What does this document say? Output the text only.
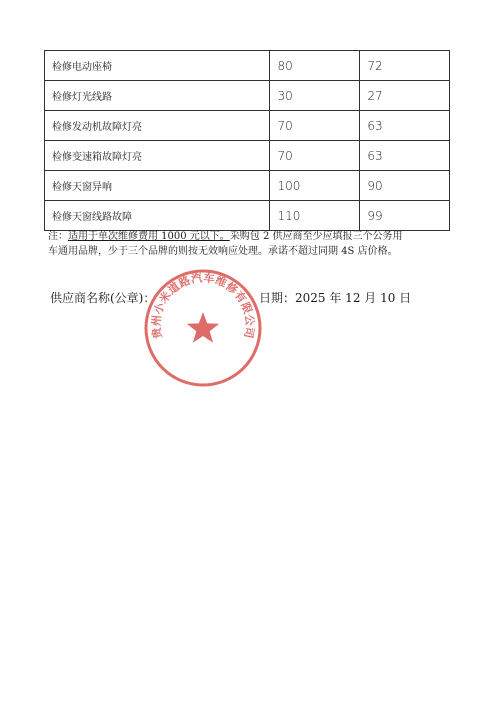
检修电动座椅	80	72
检修灯光线路	30	27
检修发动机故障灯亮	70	63
检修变速箱故障灯亮	70	63
检修天窗异响	100	90
检修天窗线路故障	110	99
注：适用于单次维修费用 1000 元以下。采购包 2 供应商至少应填报三个公务用
车通用品牌，少于三个品牌的则按无效响应处理。承诺不超过同期 4S 店价格。
供应商名称(公章)：	日期：2025 年 12 月 10 日
贵州小米道路汽车维修有限公司
